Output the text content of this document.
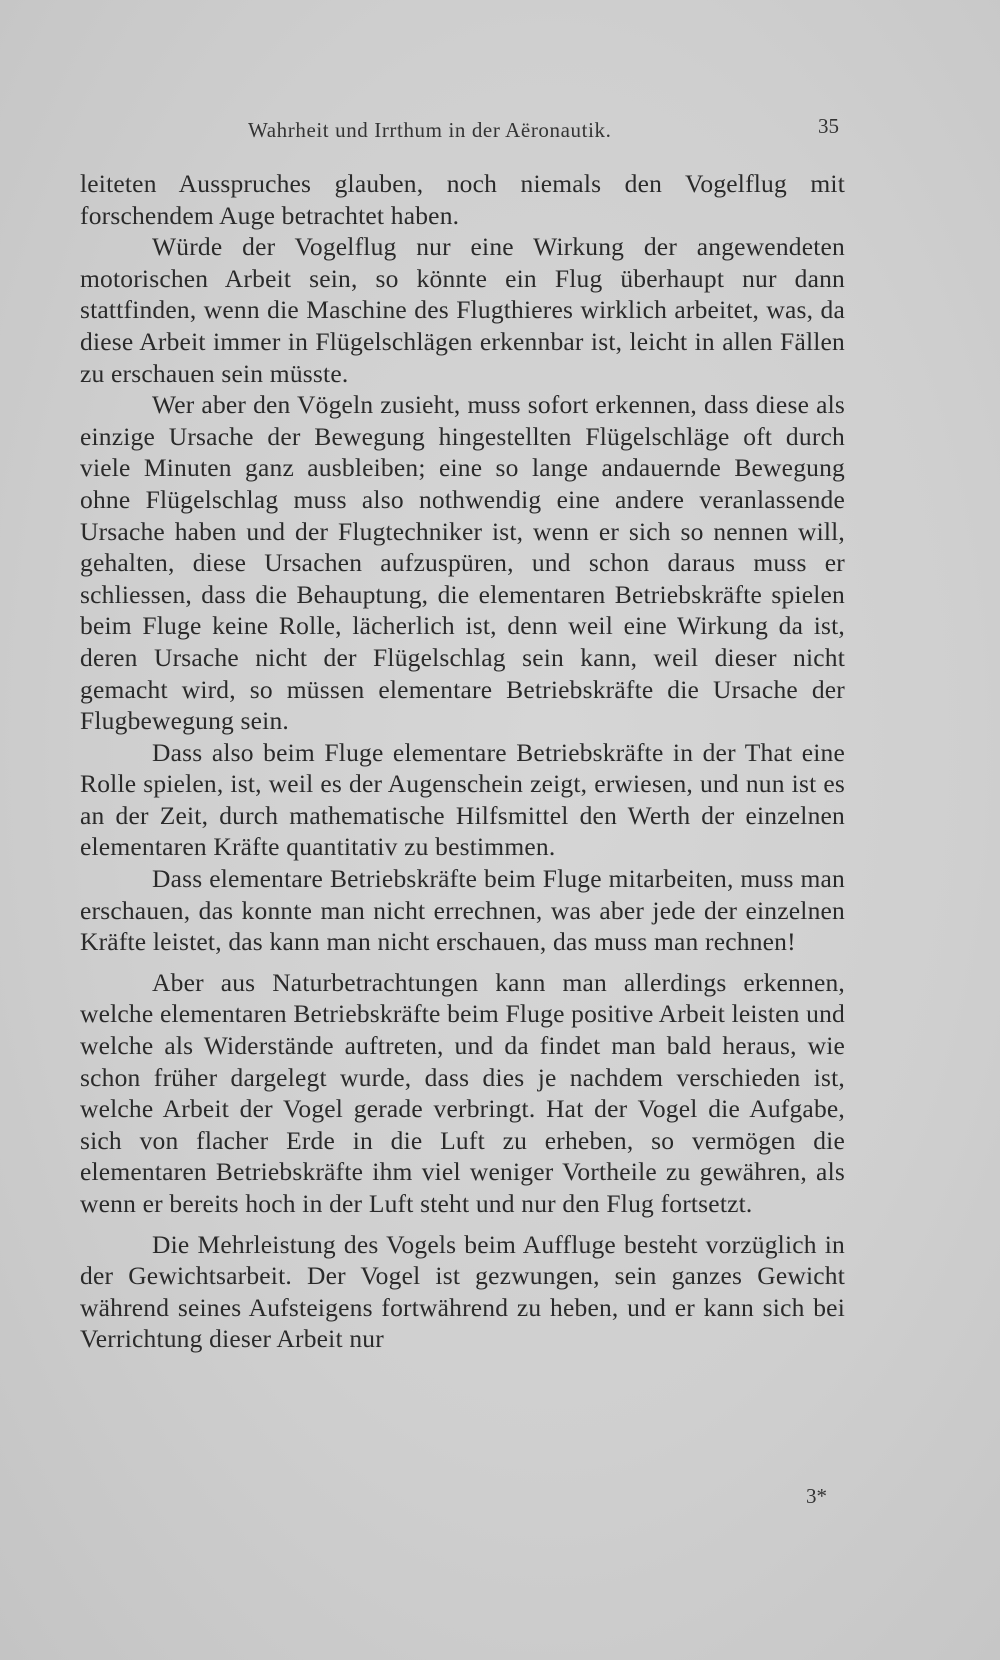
Wahrheit und Irrthum in der Aëronautik.	35

leiteten Ausspruches glauben, noch niemals den Vogelflug mit forschendem Auge betrachtet haben.

Würde der Vogelflug nur eine Wirkung der angewendeten motorischen Arbeit sein, so könnte ein Flug überhaupt nur dann stattfinden, wenn die Maschine des Flugthieres wirklich arbeitet, was, da diese Arbeit immer in Flügelschlägen erkennbar ist, leicht in allen Fällen zu erschauen sein müsste.

Wer aber den Vögeln zusieht, muss sofort erkennen, dass diese als einzige Ursache der Bewegung hingestellten Flügelschläge oft durch viele Minuten ganz ausbleiben; eine so lange andauernde Bewegung ohne Flügelschlag muss also nothwendig eine andere veranlassende Ursache haben und der Flugtechniker ist, wenn er sich so nennen will, gehalten, diese Ursachen aufzuspüren, und schon daraus muss er schliessen, dass die Behauptung, die elementaren Betriebskräfte spielen beim Fluge keine Rolle, lächerlich ist, denn weil eine Wirkung da ist, deren Ursache nicht der Flügelschlag sein kann, weil dieser nicht gemacht wird, so müssen elementare Betriebskräfte die Ursache der Flugbewegung sein.

Dass also beim Fluge elementare Betriebskräfte in der That eine Rolle spielen, ist, weil es der Augenschein zeigt, erwiesen, und nun ist es an der Zeit, durch mathematische Hilfsmittel den Werth der einzelnen elementaren Kräfte quantitativ zu bestimmen.

Dass elementare Betriebskräfte beim Fluge mitarbeiten, muss man erschauen, das konnte man nicht errechnen, was aber jede der einzelnen Kräfte leistet, das kann man nicht erschauen, das muss man rechnen!

Aber aus Naturbetrachtungen kann man allerdings erkennen, welche elementaren Betriebskräfte beim Fluge positive Arbeit leisten und welche als Widerstände auftreten, und da findet man bald heraus, wie schon früher dargelegt wurde, dass dies je nachdem verschieden ist, welche Arbeit der Vogel gerade verbringt. Hat der Vogel die Aufgabe, sich von flacher Erde in die Luft zu erheben, so vermögen die elementaren Betriebskräfte ihm viel weniger Vortheile zu gewähren, als wenn er bereits hoch in der Luft steht und nur den Flug fortsetzt.

Die Mehrleistung des Vogels beim Auffluge besteht vorzüglich in der Gewichtsarbeit. Der Vogel ist gezwungen, sein ganzes Gewicht während seines Aufsteigens fortwährend zu heben, und er kann sich bei Verrichtung dieser Arbeit nur

3*
